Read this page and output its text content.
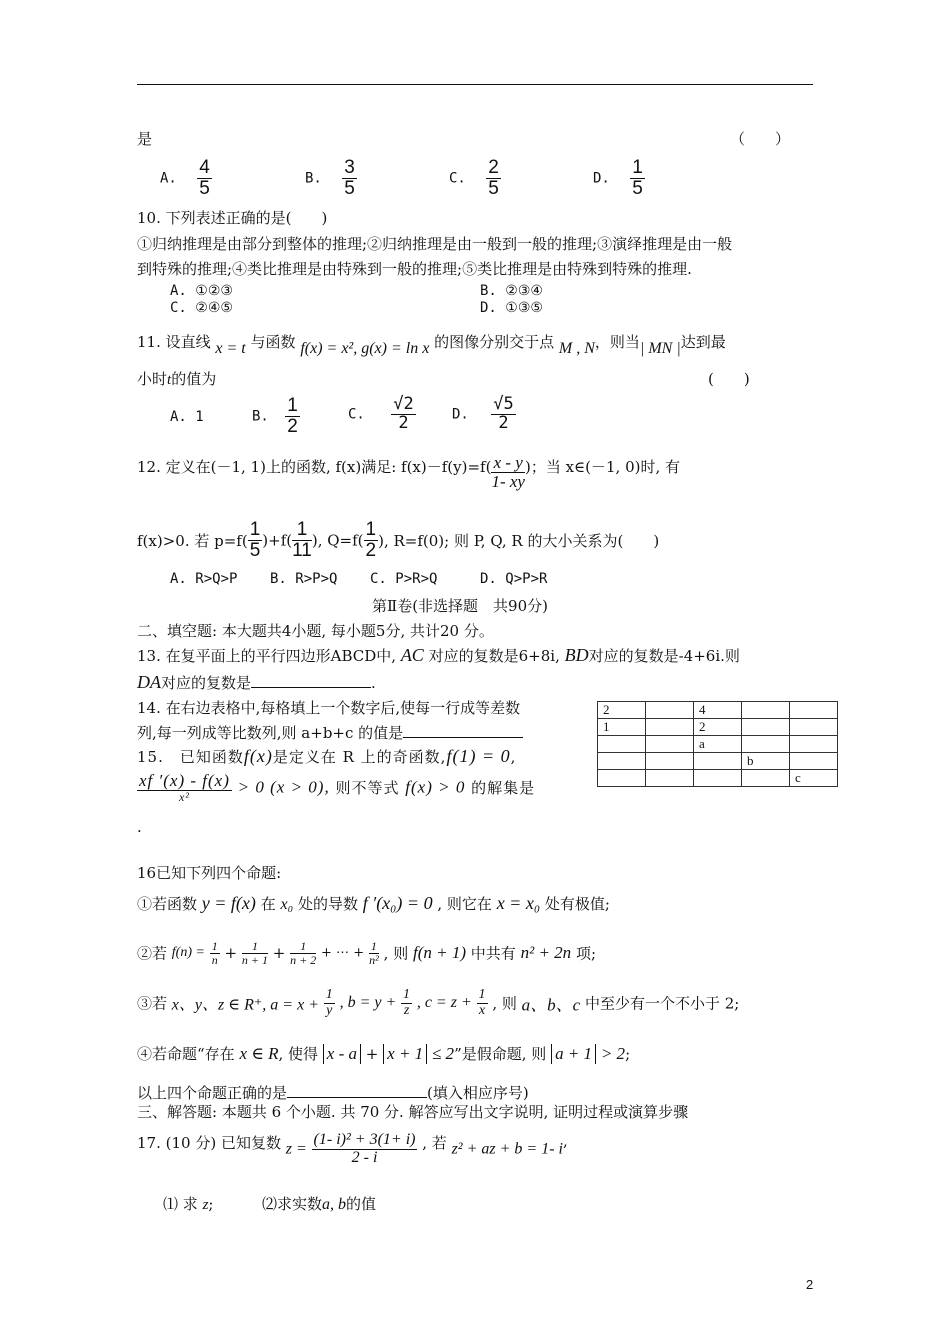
是	（　　）
A. $\frac{4}{5}$	B. $\frac{3}{5}$	C. $\frac{2}{5}$	D. $\frac{1}{5}$
10. 下列表述正确的是(　　)
①归纳推理是由部分到整体的推理;②归纳推理是由一般到一般的推理;③演绎推理是由一般
到特殊的推理;④类比推理是由特殊到一般的推理;⑤类比推理是由特殊到特殊的推理.
A. ①②③	B. ②③④
C. ②④⑤	D. ①③⑤
11. 设直线 x = t 与函数 f(x) = x², g(x) = ln x 的图像分别交于点 M , N，则当| MN |达到最
小时t的值为	(　　)
A. 1	B. $\frac{1}{2}$	C. $\frac{√2}{2}$	D. $\frac{√5}{2}$
12. 定义在(－1, 1)上的函数, f(x)满足: $f(x)-f(y)=f( \frac{x - y}{1- xy}$ )；当 x∈(－1, 0)时, 有
f(x)>0. 若 $p=f( \frac{1}{5} )+f( \frac{1}{11}$ ), $Q=f( \frac{1}{2}$ ), R=f(0); 则 P, Q, R 的大小关系为(　　)
A. R>Q>P B. R>P>Q C. P>R>Q	D. Q>P>R
第Ⅱ卷(非选择题　共90分)
二、填空题: 本大题共4小题, 每小题5分, 共计20 分。
13. 在复平面上的平行四边形ABCD中, AC 对应的复数是6+8i, BD对应的复数是-4+6i.则
DA对应的复数是	.
14. 在右边表格中,每格填上一个数字后,使每一行成等差数
列,每一列成等比数列,则 a+b+c 的值是
2		4		
1		2		
		a		
			b	
				c
15.　已知函数f(x)是定义在 R 上的奇函数,f(1) = 0,
$\frac{xf '(x) - f(x)}{\text{x²}} > 0$ (x > 0), 则不等式 f(x) > 0 的解集是
.
16已知下列四个命题:
①若函数 y = f(x) 在 x₀ 处的导数 f ′(x₀) = 0 , 则它在 x = x₀ 处有极值;
②若 $f(n) = \frac{1}{n} + \frac{1}{n + 1} + \frac{1}{n + 2}$ + ⋯ + $\frac{1}{\text{n²}}$ , 则 f(n + 1) 中共有 n² + 2n 项;
③若 x、y、z ∈ R⁺, $a = x + \frac{1}{y}$ , $b = y + \frac{1}{z}$ , $c = z + \frac{1}{x}$ , 则 a、b、c 中至少有一个不小于 2;
④若命题“存在 x ∈ R, 使得 x - a + x + 1 ≤ 2”是假命题, 则 a + 1 > 2;
以上四个命题正确的是	(填入相应序号)
三、解答题: 本题共 6 个小题. 共 70 分. 解答应写出文字说明, 证明过程或演算步骤
17. (10 分) 已知复数 $z = \frac{\text{(1- i)² + 3(1+ i)}}{2 - i}$ , 若 z² + az + b = 1- i,
⑴ 求 z;	⑵求实数a, b的值
2
